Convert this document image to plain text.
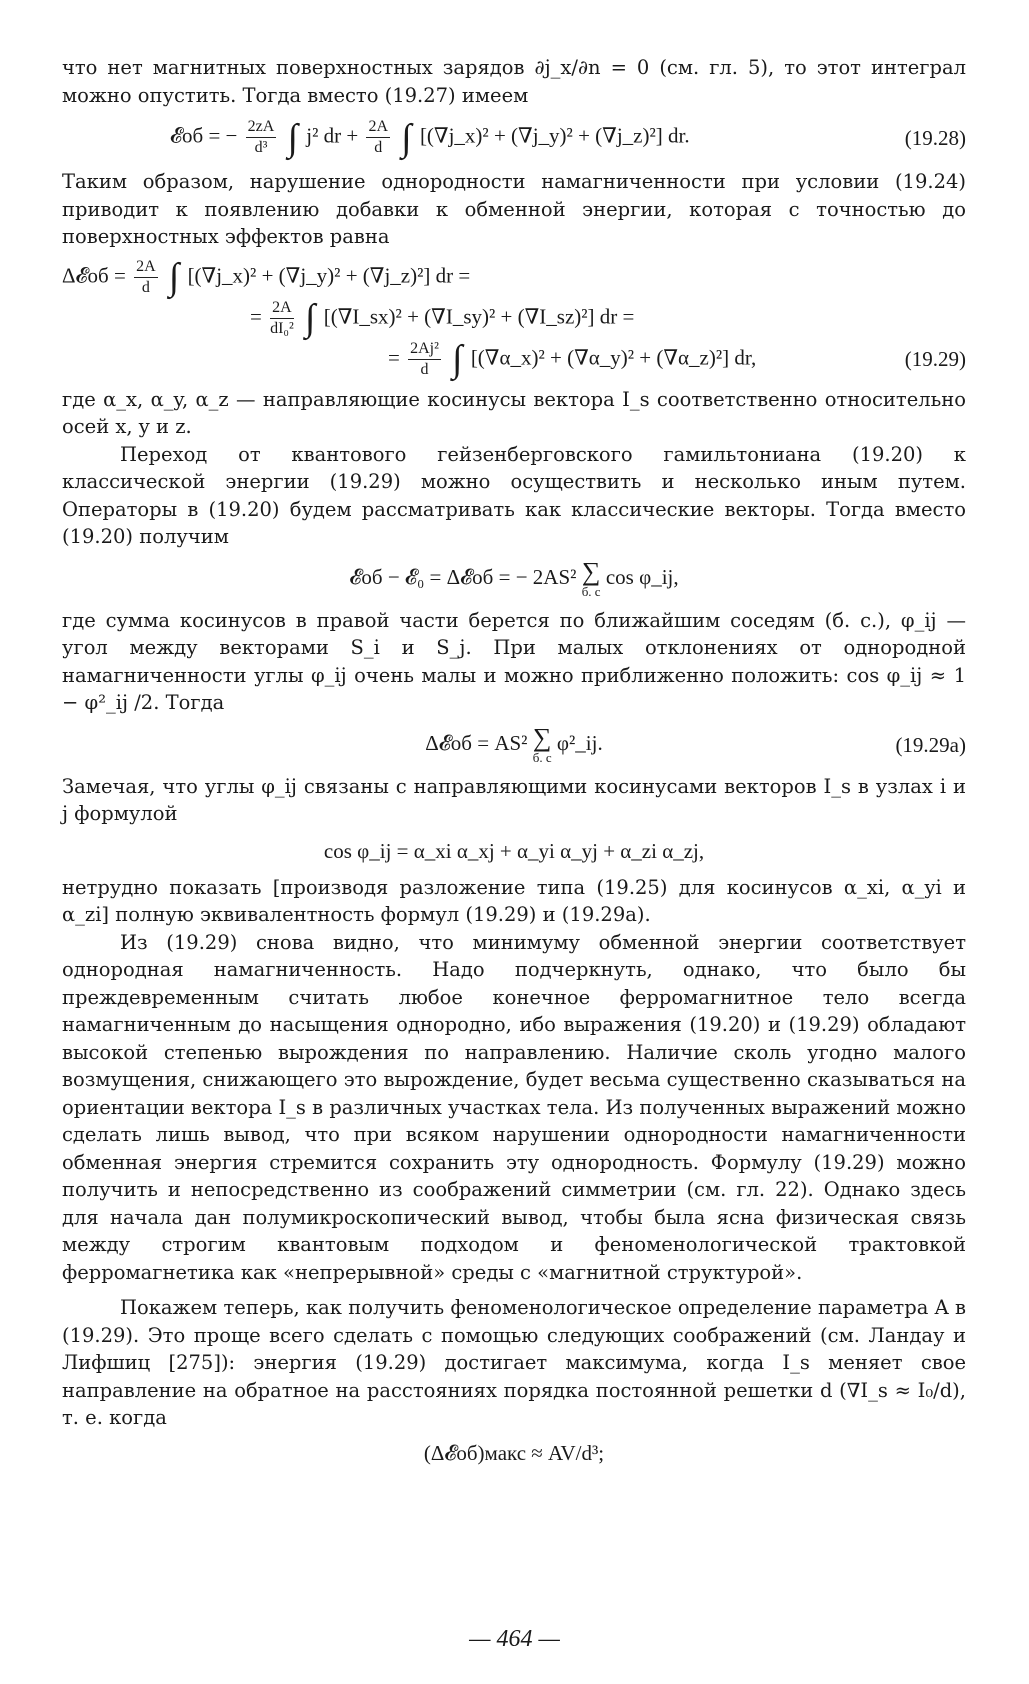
что нет магнитных поверхностных зарядов ∂j_x/∂n = 0 (см. гл. 5), то этот интеграл можно опустить. Тогда вместо (19.27) имеем

𝓔об = − $\frac{2zA}{\text{d³}}$ ∫ j² dr + $\frac{2A}{d}$ ∫ [(∇j_x)² + (∇j_y)² + (∇j_z)²] dr.	(19.28)

Таким образом, нарушение однородности намагниченности при условии (19.24) приводит к появлению добавки к обменной энергии, которая с точностью до поверхностных эффектов равна

Δ𝓔об = $\frac{2A}{d}$ ∫ [(∇j_x)² + (∇j_y)² + (∇j_z)²] dr =
= $\frac{2A}{\text{dI₀²}}$ ∫ [(∇I_sx)² + (∇I_sy)² + (∇I_sz)²] dr =
= $\frac{\text{2Aj²}}{d}$ ∫ [(∇α_x)² + (∇α_y)² + (∇α_z)²] dr,	(19.29)

где α_x, α_y, α_z — направляющие косинусы вектора I_s соответственно относительно осей x, y и z.

Переход от квантового гейзенберговского гамильтониана (19.20) к классической энергии (19.29) можно осуществить и несколько иным путем. Операторы в (19.20) будем рассматривать как классические векторы. Тогда вместо (19.20) получим

𝓔об − 𝓔₀ = Δ𝓔об = − 2AS² ∑
б. с
cos φ_ij,

где сумма косинусов в правой части берется по ближайшим соседям (б. с.), φ_ij — угол между векторами S_i и S_j. При малых отклонениях от однородной намагниченности углы φ_ij очень малы и можно приближенно положить: cos φ_ij ≈ 1 − φ²_ij /2. Тогда

Δ𝓔об = AS² ∑
б. с
φ²_ij.	(19.29а)

Замечая, что углы φ_ij связаны с направляющими косинусами векторов I_s в узлах i и j формулой

cos φ_ij = α_xi α_xj + α_yi α_yj + α_zi α_zj,

нетрудно показать [производя разложение типа (19.25) для косинусов α_xi, α_yi и α_zi] полную эквивалентность формул (19.29) и (19.29а).

Из (19.29) снова видно, что минимуму обменной энергии соответствует однородная намагниченность. Надо подчеркнуть, однако, что было бы преждевременным считать любое конечное ферромагнитное тело всегда намагниченным до насыщения однородно, ибо выражения (19.20) и (19.29) обладают высокой степенью вырождения по направлению. Наличие сколь угодно малого возмущения, снижающего это вырождение, будет весьма существенно сказываться на ориентации вектора I_s в различных участках тела. Из полученных выражений можно сделать лишь вывод, что при всяком нарушении однородности намагниченности обменная энергия стремится сохранить эту однородность. Формулу (19.29) можно получить и непосредственно из соображений симметрии (см. гл. 22). Однако здесь для начала дан полумикроскопический вывод, чтобы была ясна физическая связь между строгим квантовым подходом и феноменологической трактовкой ферромагнетика как «непрерывной» среды с «магнитной структурой».

Покажем теперь, как получить феноменологическое определение параметра A в (19.29). Это проще всего сделать с помощью следующих соображений (см. Ландау и Лифшиц [275]): энергия (19.29) достигает максимума, когда I_s меняет свое направление на обратное на расстояниях порядка постоянной решетки d (∇I_s ≈ I₀/d), т. е. когда

(Δ𝓔об)макс ≈ AV/d³;
— 464 —
